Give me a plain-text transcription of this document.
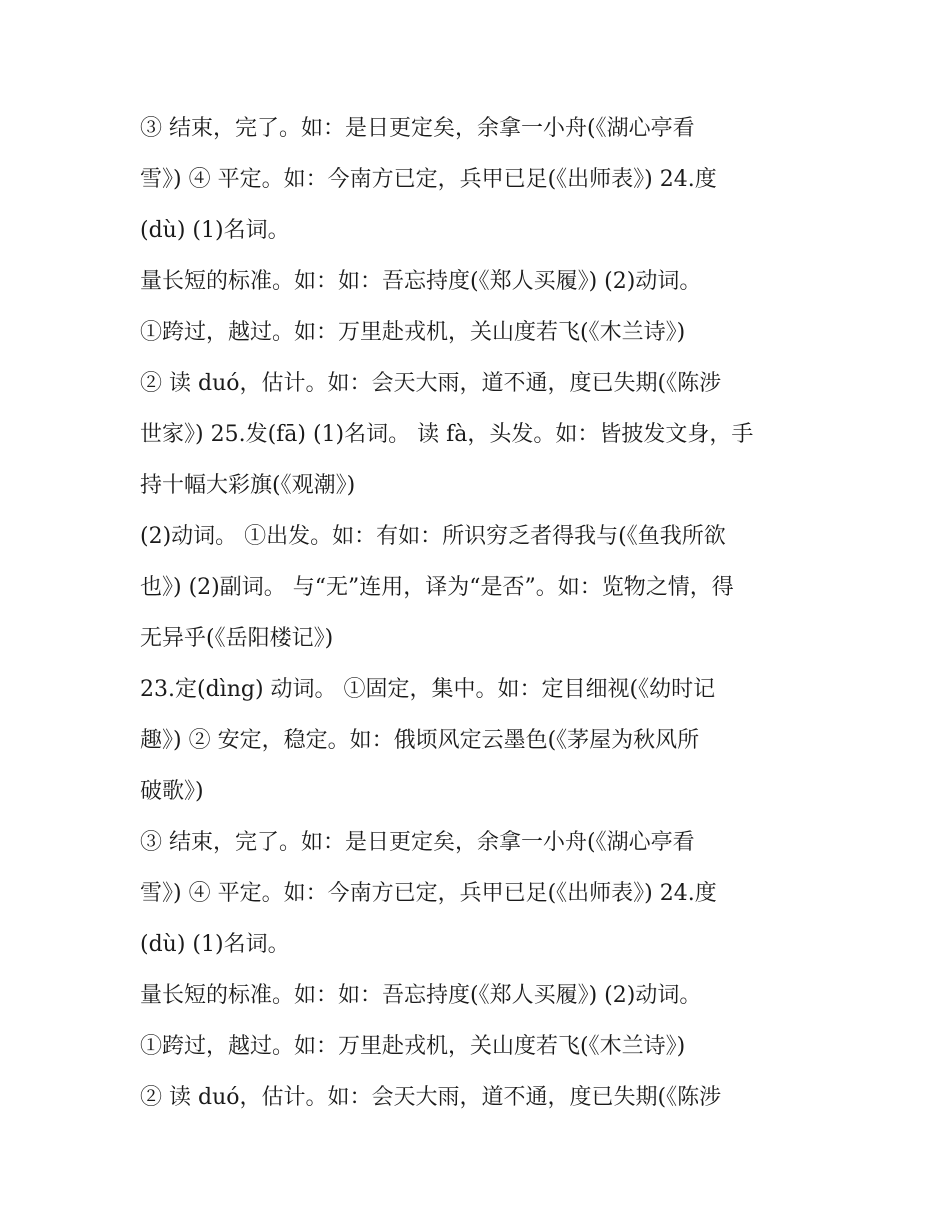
③ 结束，完了。如：是日更定矣，余拿一小舟(《湖心亭看
雪》) ④ 平定。如：今南方已定，兵甲已足(《出师表》) 24.度
(dù) (1)名词。
量长短的标准。如：如：吾忘持度(《郑人买履》) (2)动词。
①跨过，越过。如：万里赴戎机，关山度若飞(《木兰诗》)
② 读 duó，估计。如：会天大雨，道不通，度已失期(《陈涉
世家》) 25.发(fā) (1)名词。 读 fà，头发。如：皆披发文身，手
持十幅大彩旗(《观潮》)
(2)动词。 ①出发。如：有如：所识穷乏者得我与(《鱼我所欲
也》) (2)副词。 与“无”连用，译为“是否”。如：览物之情，得
无异乎(《岳阳楼记》)
23.定(dìng) 动词。 ①固定，集中。如：定目细视(《幼时记
趣》) ② 安定，稳定。如：俄顷风定云墨色(《茅屋为秋风所
破歌》)
③ 结束，完了。如：是日更定矣，余拿一小舟(《湖心亭看
雪》) ④ 平定。如：今南方已定，兵甲已足(《出师表》) 24.度
(dù) (1)名词。
量长短的标准。如：如：吾忘持度(《郑人买履》) (2)动词。
①跨过，越过。如：万里赴戎机，关山度若飞(《木兰诗》)
② 读 duó，估计。如：会天大雨，道不通，度已失期(《陈涉
